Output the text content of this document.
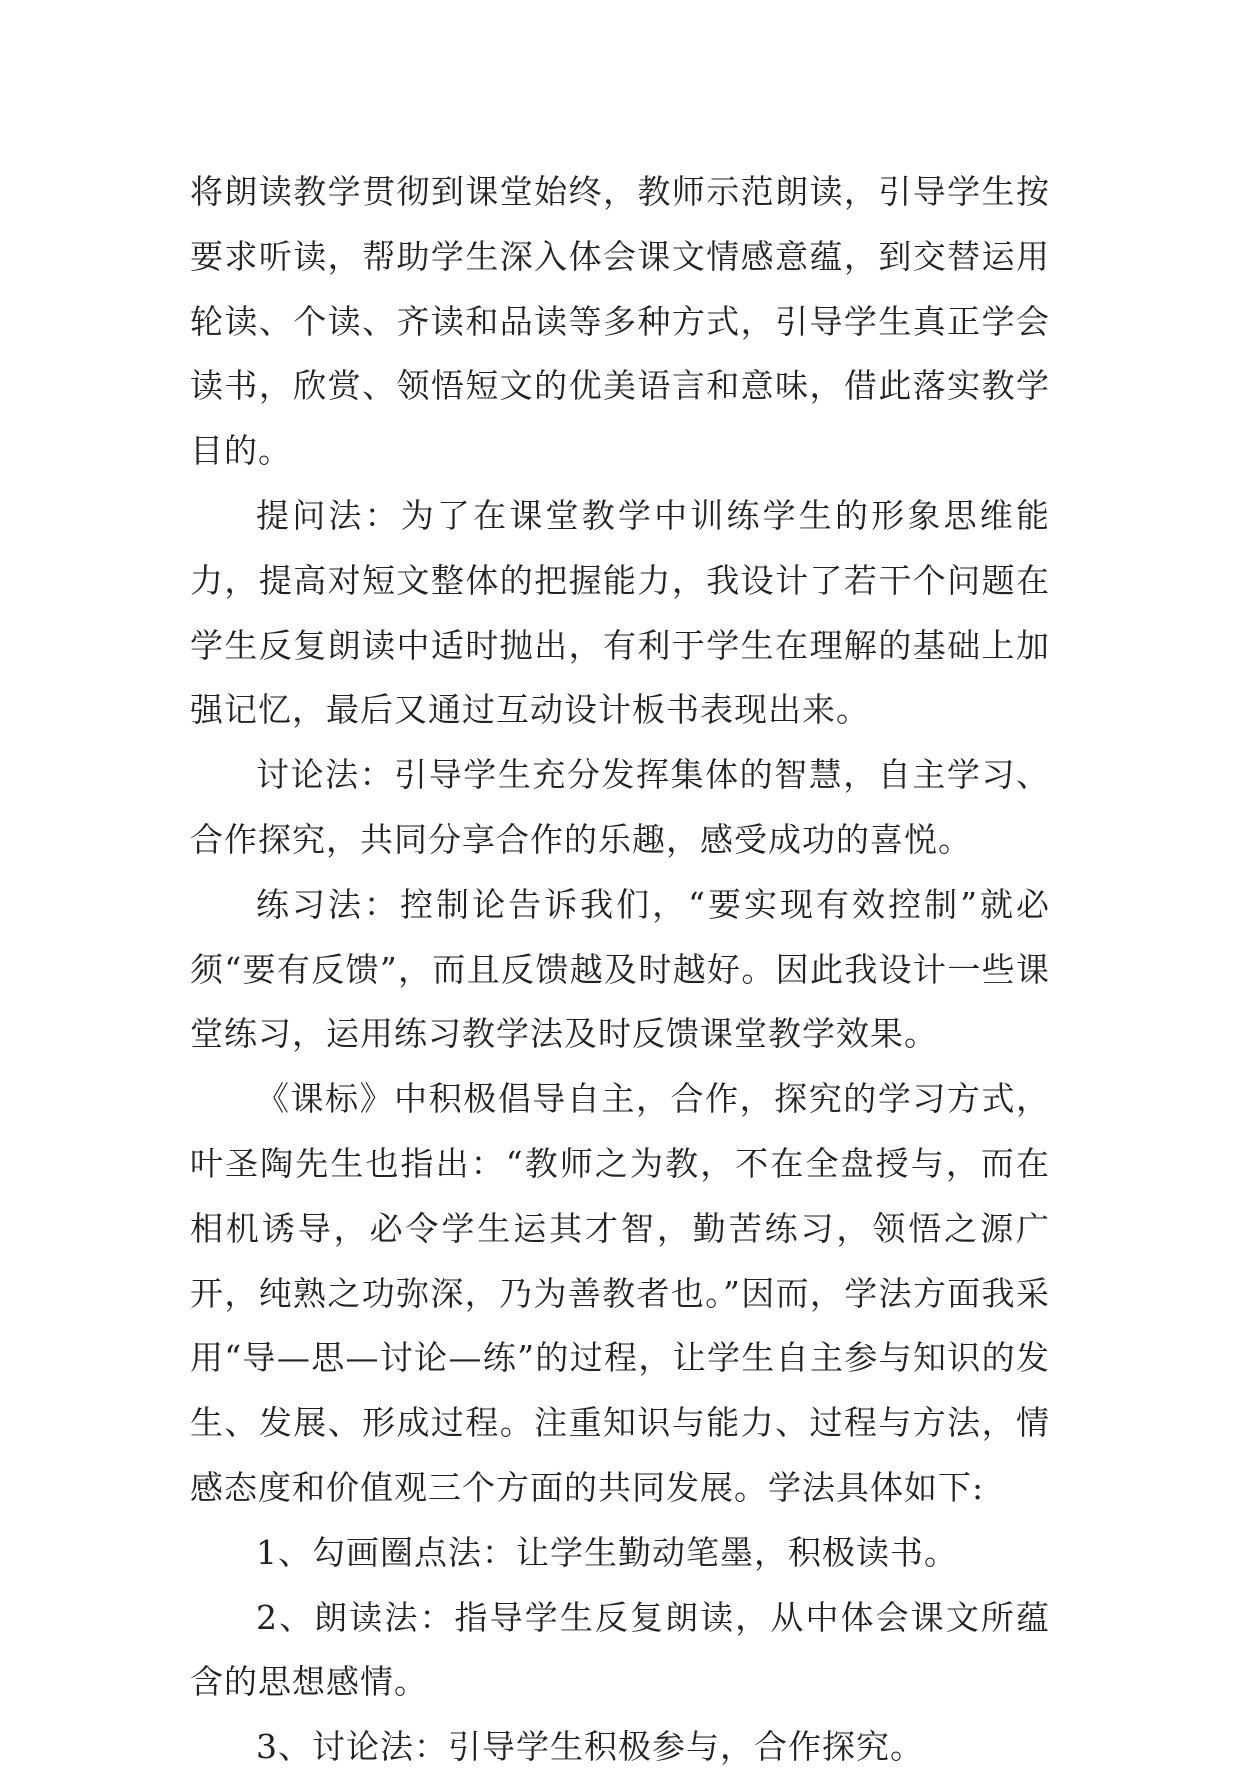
将朗读教学贯彻到课堂始终，教师示范朗读，引导学生按要求听读，帮助学生深入体会课文情感意蕴，到交替运用轮读、个读、齐读和品读等多种方式，引导学生真正学会读书，欣赏、领悟短文的优美语言和意味，借此落实教学目的。

提问法：为了在课堂教学中训练学生的形象思维能力，提高对短文整体的把握能力，我设计了若干个问题在学生反复朗读中适时抛出，有利于学生在理解的基础上加强记忆，最后又通过互动设计板书表现出来。

讨论法：引导学生充分发挥集体的智慧，自主学习、合作探究，共同分享合作的乐趣，感受成功的喜悦。

练习法：控制论告诉我们，“要实现有效控制”就必须“要有反馈”，而且反馈越及时越好。因此我设计一些课堂练习，运用练习教学法及时反馈课堂教学效果。

《课标》中积极倡导自主，合作，探究的学习方式，叶圣陶先生也指出：“教师之为教，不在全盘授与，而在相机诱导，必令学生运其才智，勤苦练习，领悟之源广开，纯熟之功弥深，乃为善教者也。”因而，学法方面我采用“导—思—讨论—练”的过程，让学生自主参与知识的发生、发展、形成过程。注重知识与能力、过程与方法，情感态度和价值观三个方面的共同发展。学法具体如下:

1、勾画圈点法：让学生勤动笔墨，积极读书。

2、朗读法：指导学生反复朗读，从中体会课文所蕴含的思想感情。

3、讨论法：引导学生积极参与，合作探究。
